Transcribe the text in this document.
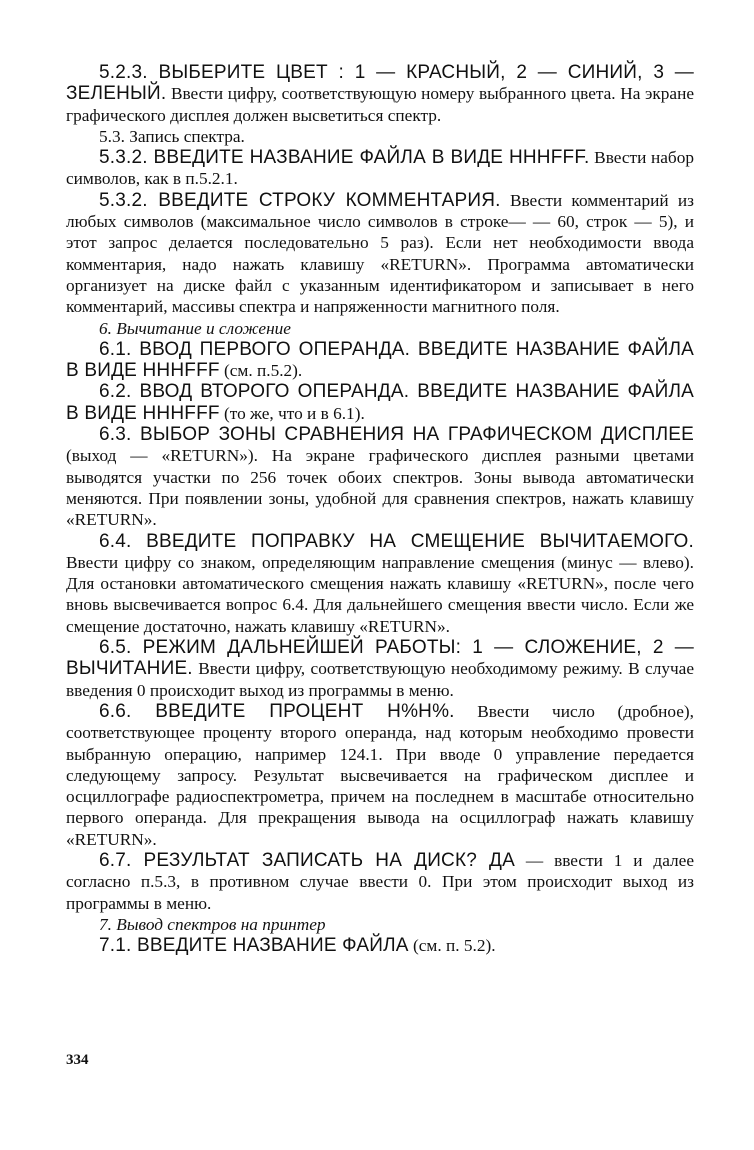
5.2.3. ВЫБЕРИТЕ ЦВЕТ : 1 — КРАСНЫЙ, 2 — СИНИЙ, 3 — ЗЕЛЕНЫЙ. Ввести цифру, соответствующую номеру выбранного цвета. На экране графического дисплея должен высветиться спектр.

5.3. Запись спектра.

5.3.2. ВВЕДИТЕ НАЗВАНИЕ ФАЙЛА В ВИДЕ HHHFFF. Ввести набор символов, как в п.5.2.1.

5.3.2. ВВЕДИТЕ СТРОКУ КОММЕНТАРИЯ. Ввести комментарий из любых символов (максимальное число символов в строке— — 60, строк — 5), и этот запрос делается последовательно 5 раз). Если нет необходимости ввода комментария, надо нажать клавишу «RETURN». Программа автоматически организует на диске файл с указанным идентификатором и записывает в него комментарий, массивы спектра и напряженности магнитного поля.

6. Вычитание и сложение

6.1. ВВОД ПЕРВОГО ОПЕРАНДА. ВВЕДИТЕ НАЗВАНИЕ ФАЙЛА В ВИДЕ HHHFFF (см. п.5.2).

6.2. ВВОД ВТОРОГО ОПЕРАНДА. ВВЕДИТЕ НАЗВАНИЕ ФАЙЛА В ВИДЕ HHHFFF (то же, что и в 6.1).

6.3. ВЫБОР ЗОНЫ СРАВНЕНИЯ НА ГРАФИЧЕСКОМ ДИСПЛЕЕ (выход — «RETURN»). На экране графического дисплея разными цветами выводятся участки по 256 точек обоих спектров. Зоны вывода автоматически меняются. При появлении зоны, удобной для сравнения спектров, нажать клавишу «RETURN».

6.4. ВВЕДИТЕ ПОПРАВКУ НА СМЕЩЕНИЕ ВЫЧИТАЕМОГО. Ввести цифру со знаком, определяющим направление смещения (минус — влево). Для остановки автоматического смещения нажать клавишу «RETURN», после чего вновь высвечивается вопрос 6.4. Для дальнейшего смещения ввести число. Если же смещение достаточно, нажать клавишу «RETURN».

6.5. РЕЖИМ ДАЛЬНЕЙШЕЙ РАБОТЫ: 1 — СЛОЖЕНИЕ, 2 — ВЫЧИТАНИЕ. Ввести цифру, соответствующую необходимому режиму. В случае введения 0 происходит выход из программы в меню.

6.6. ВВЕДИТЕ ПРОЦЕНТ Н%Н%. Ввести число (дробное), соответствующее проценту второго операнда, над которым необходимо провести выбранную операцию, например 124.1. При вводе 0 управление передается следующему запросу. Результат высвечивается на графическом дисплее и осциллографе радиоспектрометра, причем на последнем в масштабе относительно первого операнда. Для прекращения вывода на осциллограф нажать клавишу «RETURN».

6.7. РЕЗУЛЬТАТ ЗАПИСАТЬ НА ДИСК? ДА — ввести 1 и далее согласно п.5.3, в противном случае ввести 0. При этом происходит выход из программы в меню.

7. Вывод спектров на принтер

7.1. ВВЕДИТЕ НАЗВАНИЕ ФАЙЛА (см. п. 5.2).

334
